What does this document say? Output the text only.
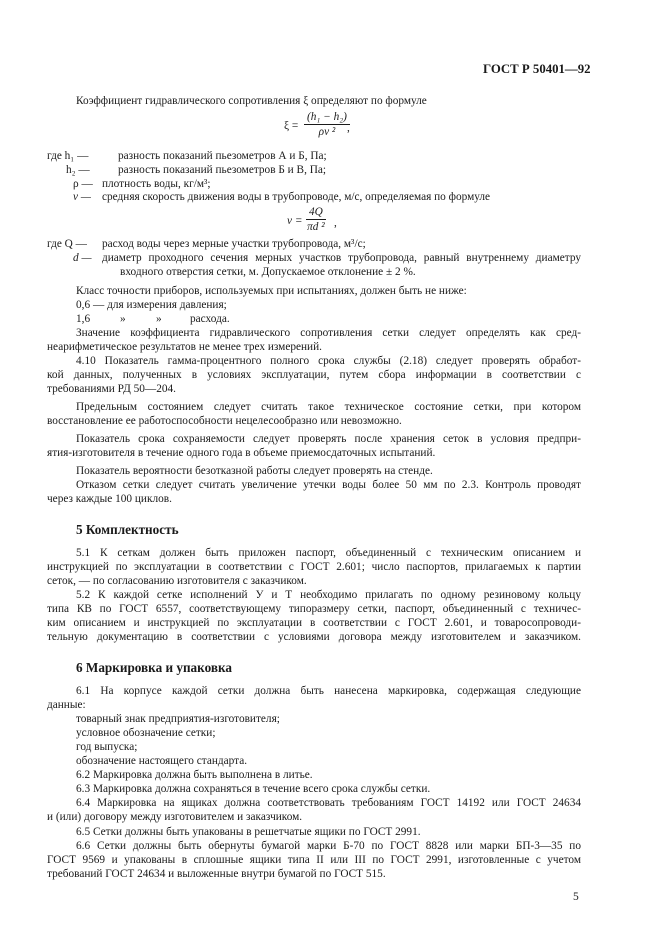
ГОСТ Р 50401—92
Коэффициент гидравлического сопротивления ξ определяют по формуле
$\xi = \frac{\text{(h₁ − h₂)}}{\text{ρv ²}}$
,
где h₁ —	разность показаний пьезометров А и Б, Па;
h₂ —	разность показаний пьезометров Б и В, Па;
ρ — плотность воды, кг/м³;
v — средняя скорость движения воды в трубопроводе, м/с, определяемая по формуле
$v = \frac{4Q}{\text{πd ²}}$ ,
где Q — расход воды через мерные участки трубопровода, м³/с;
d — диаметр проходного сечения мерных участков трубопровода, равный внутреннему диаметру
входного отверстия сетки, м. Допускаемое отклонение ± 2 %.
Класс точности приборов, используемых при испытаниях, должен быть не ниже:
0,6 — для измерения давления;
1,6	»	»	расхода.
Значение коэффициента гидравлического сопротивления сетки следует определять как сред-
неарифметическое результатов не менее трех измерений.
4.10 Показатель гамма-процентного полного срока службы (2.18) следует проверять обработ-
кой данных, полученных в условиях эксплуатации, путем сбора информации в соответствии с
требованиями РД 50—204.
Предельным состоянием следует считать такое техническое состояние сетки, при котором
восстановление ее работоспособности нецелесообразно или невозможно.
Показатель срока сохраняемости следует проверять после хранения сеток в условия предпри-
ятия-изготовителя в течение одного года в объеме приемосдаточных испытаний.
Показатель вероятности безотказной работы следует проверять на стенде.
Отказом сетки следует считать увеличение утечки воды более 50 мм по 2.3. Контроль проводят
через каждые 100 циклов.
5 Комплектность
5.1 К сеткам должен быть приложен паспорт, объединенный с техническим описанием и
инструкцией по эксплуатации в соответствии с ГОСТ 2.601; число паспортов, прилагаемых к партии
сеток, — по согласованию изготовителя с заказчиком.
5.2 К каждой сетке исполнений У и Т необходимо прилагать по одному резиновому кольцу
типа КВ по ГОСТ 6557, соответствующему типоразмеру сетки, паспорт, объединенный с техничес-
ким описанием и инструкцией по эксплуатации в соответствии с ГОСТ 2.601, и товаросопроводи-
тельную документацию в соответствии с условиями договора между изготовителем и заказчиком.
6 Маркировка и упаковка
6.1 На корпусе каждой сетки должна быть нанесена маркировка, содержащая следующие
данные:
товарный знак предприятия-изготовителя;
условное обозначение сетки;
год выпуска;
обозначение настоящего стандарта.
6.2 Маркировка должна быть выполнена в литье.
6.3 Маркировка должна сохраняться в течение всего срока службы сетки.
6.4 Маркировка на ящиках должна соответствовать требованиям ГОСТ 14192 или ГОСТ 24634
и (или) договору между изготовителем и заказчиком.
6.5 Сетки должны быть упакованы в решетчатые ящики по ГОСТ 2991.
6.6 Сетки должны быть обернуты бумагой марки Б-70 по ГОСТ 8828 или марки БП-3—35 по
ГОСТ 9569 и упакованы в сплошные ящики типа II или III по ГОСТ 2991, изготовленные с учетом
требований ГОСТ 24634 и выложенные внутри бумагой по ГОСТ 515.
5
